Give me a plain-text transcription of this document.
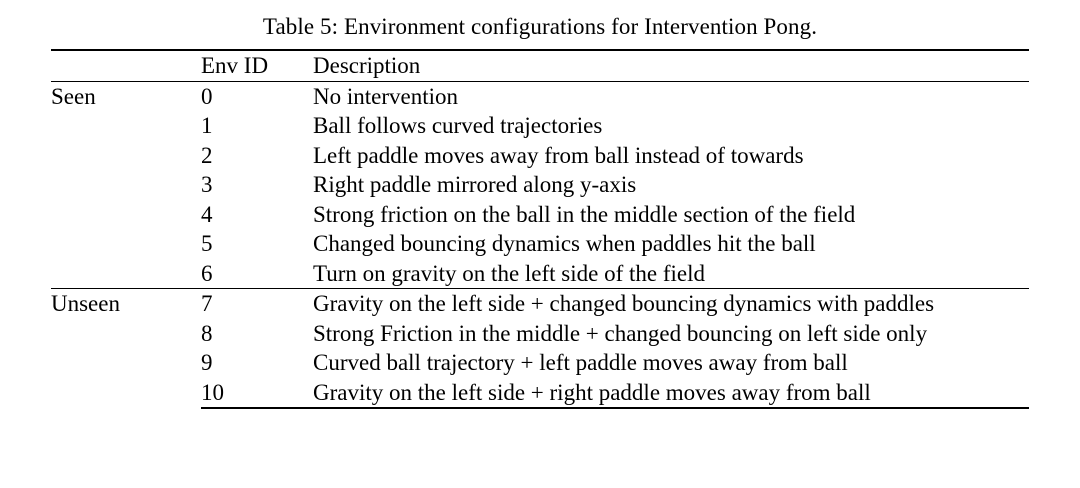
Table 5: Environment configurations for Intervention Pong.
	Env ID	Description
Seen	0	No intervention
	1	Ball follows curved trajectories
	2	Left paddle moves away from ball instead of towards
	3	Right paddle mirrored along y-axis
	4	Strong friction on the ball in the middle section of the field
	5	Changed bouncing dynamics when paddles hit the ball
	6	Turn on gravity on the left side of the field
Unseen	7	Gravity on the left side + changed bouncing dynamics with paddles
	8	Strong Friction in the middle + changed bouncing on left side only
	9	Curved ball trajectory + left paddle moves away from ball
	10	Gravity on the left side + right paddle moves away from ball
